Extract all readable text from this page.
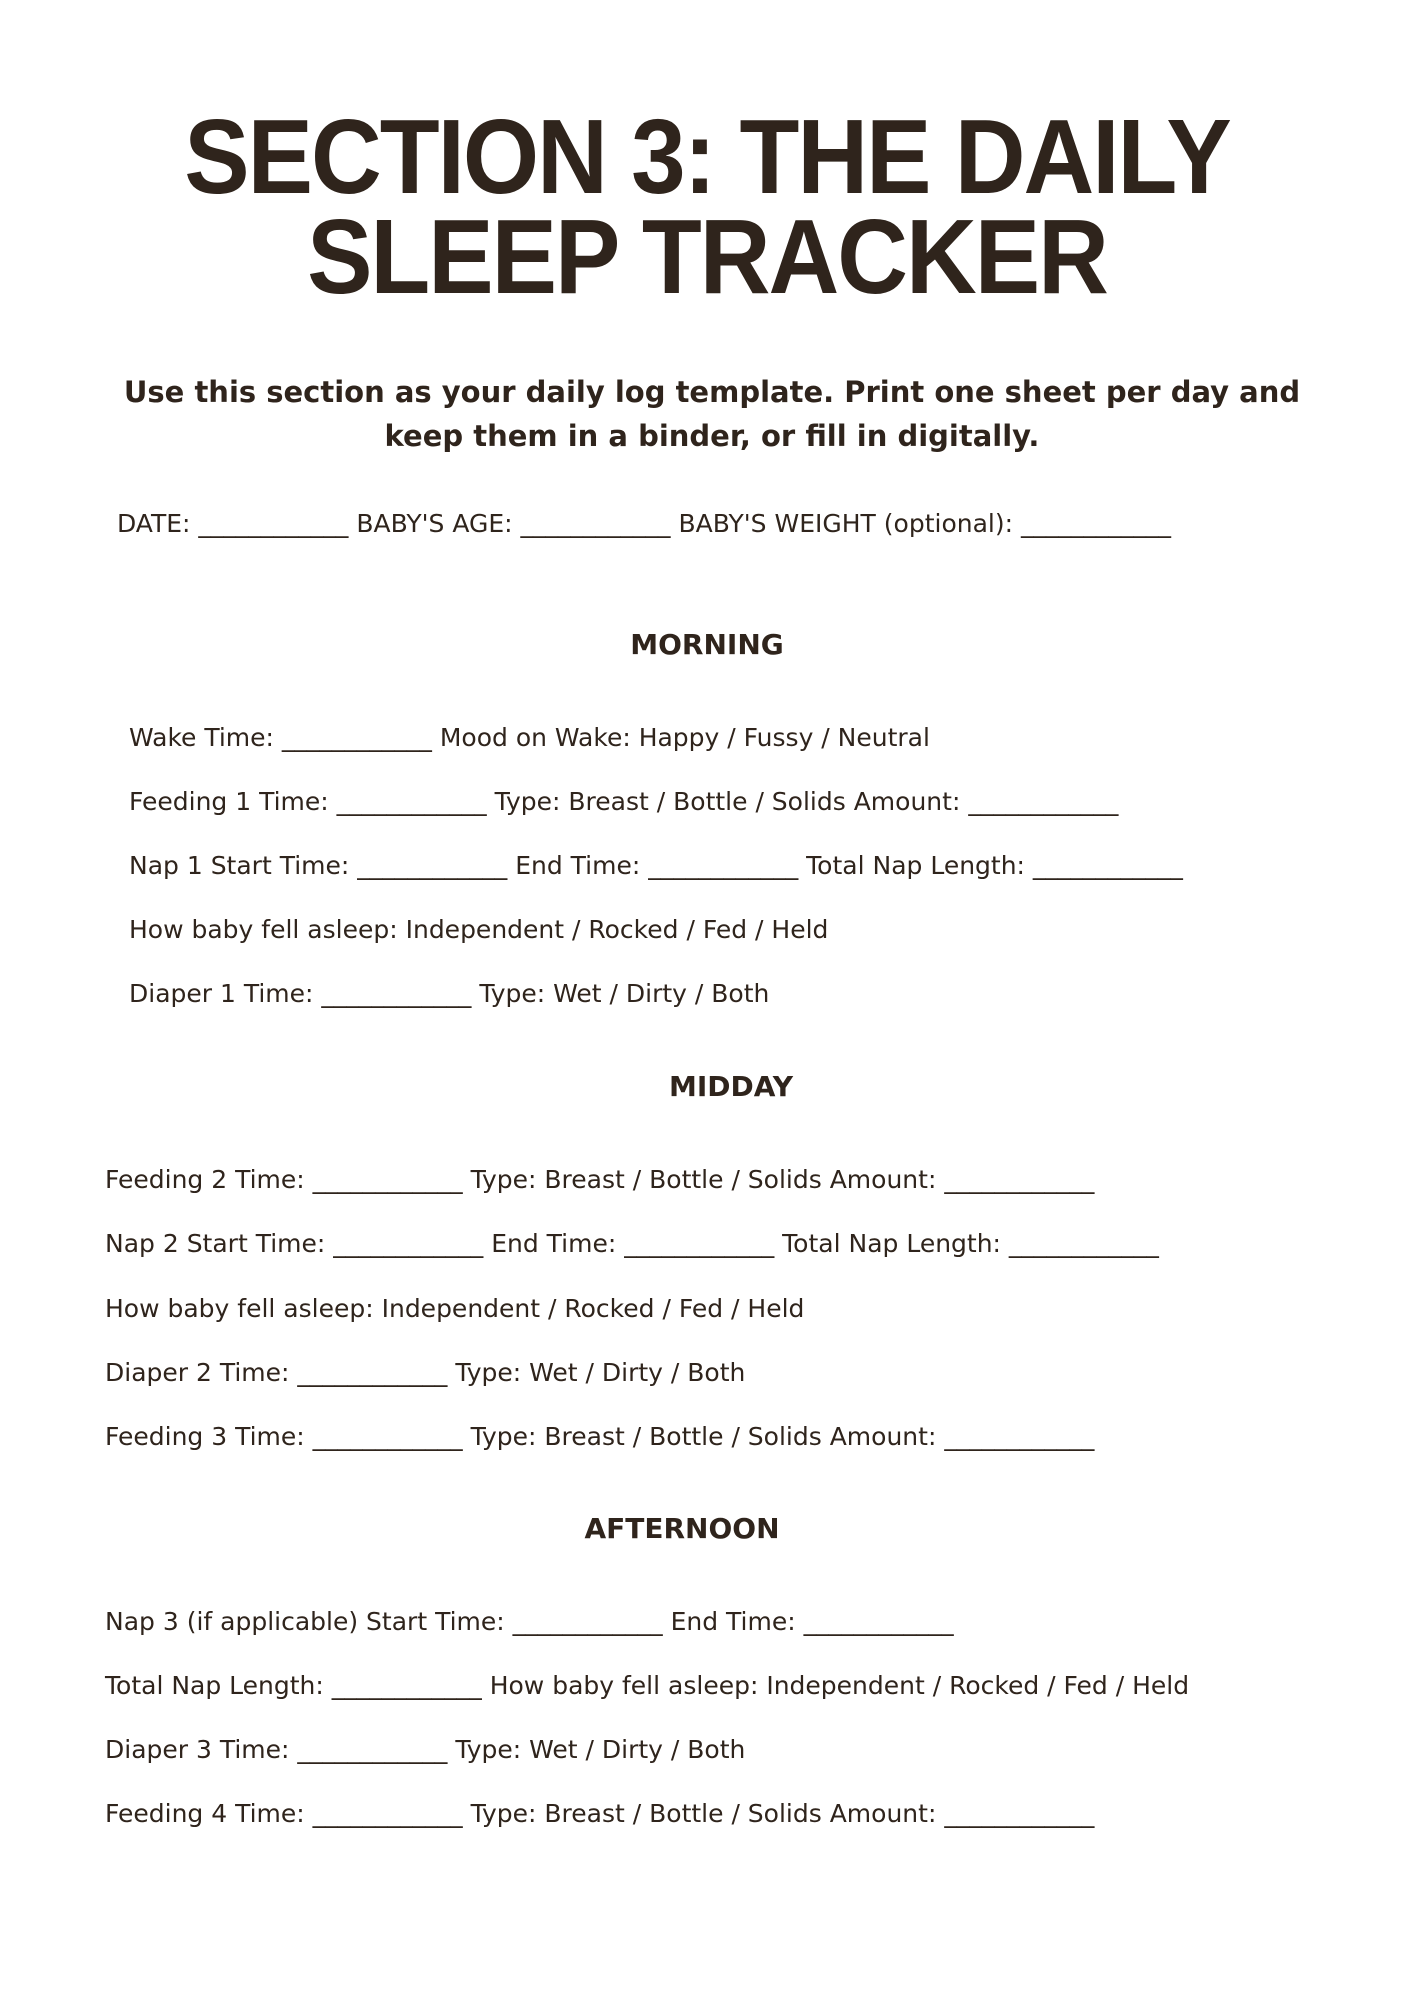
SECTION 3: THE DAILY
SLEEP TRACKER

Use this section as your daily log template. Print one sheet per day and keep them in a binder, or fill in digitally.

DATE: ____________ BABY'S AGE: ____________ BABY'S WEIGHT (optional): ____________

MORNING

Wake Time: ____________ Mood on Wake: Happy / Fussy / Neutral

Feeding 1 Time: ____________ Type: Breast / Bottle / Solids Amount: ____________

Nap 1 Start Time: ____________ End Time: ____________ Total Nap Length: ____________

How baby fell asleep: Independent / Rocked / Fed / Held

Diaper 1 Time: ____________ Type: Wet / Dirty / Both

MIDDAY

Feeding 2 Time: ____________ Type: Breast / Bottle / Solids Amount: ____________

Nap 2 Start Time: ____________ End Time: ____________ Total Nap Length: ____________

How baby fell asleep: Independent / Rocked / Fed / Held

Diaper 2 Time: ____________ Type: Wet / Dirty / Both

Feeding 3 Time: ____________ Type: Breast / Bottle / Solids Amount: ____________

AFTERNOON

Nap 3 (if applicable) Start Time: ____________ End Time: ____________

Total Nap Length: ____________ How baby fell asleep: Independent / Rocked / Fed / Held

Diaper 3 Time: ____________ Type: Wet / Dirty / Both

Feeding 4 Time: ____________ Type: Breast / Bottle / Solids Amount: ____________
